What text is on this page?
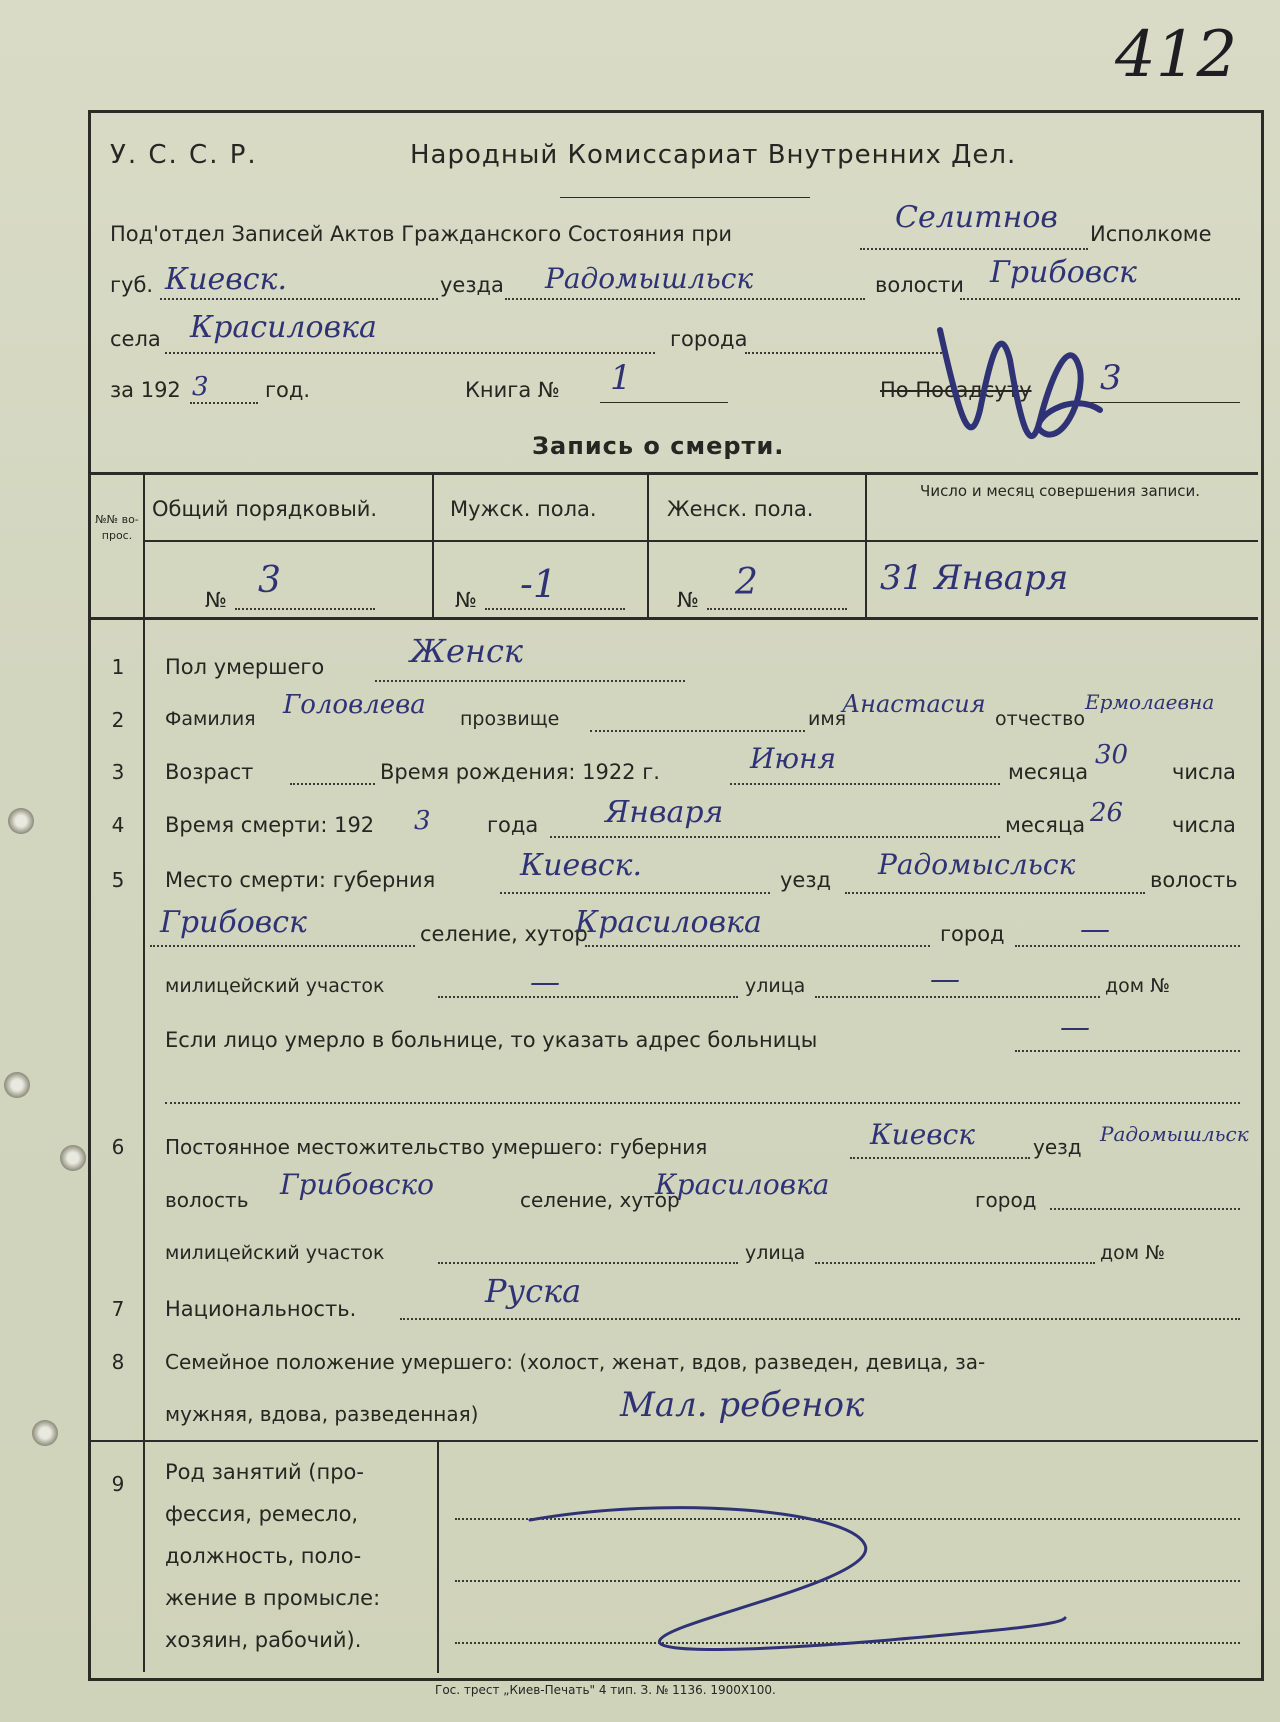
412
У. С. С. Р.	Народный Комиссариат Внутренних Дел.
Под'отдел Записей Актов Гражданского Состояния при	Селитнов Исполкоме
губ. Киевск.	уезда Радомышльск	волости Грибовск
села Красиловка	города
за 192 3	год.	Книга № 1	По Посадсуту 3
Запись о смерти.
№№ во-прос.
Общий порядковый.	Мужск. пола.	Женск. пола.
Число и месяц совершения записи.
№ 3	№ -1	№ 2	31 Января
1	Пол умершего	Женск
2	Фамилия Головлева прозвище	имя
Анастасия
отчество
Ермолаевна
3	Возраст	Время рождения: 1922 г.	Июня	месяца
30
числа
4	Время смерти: 192 3	года Января	месяца 26 числа
5	Место смерти: губерния	Киевск.	уезд Радомысльск	волость
Грибовск	селение, хутор
Красиловка	город	—
милицейский участок	—	улица	—	дом №
Если лицо умерло в больнице, то указать адрес больницы	—
6	Постоянное местожительство умершего: губерния	Киевск	уезд
Радомышльск
волость Грибовско	селение, хутор
Красиловка	город
милицейский участок	улица	дом №
7	Национальность.	Руска
8	Семейное положение умершего: (холост, женат, вдов, разведен, девица, за-
мужняя, вдова, разведенная)	Мал. ребенок
9	Род занятий (про-
фессия, ремесло,
должность, поло-
жение в промысле:
хозяин, рабочий).
Гос. трест „Киев-Печать" 4 тип. З. № 1136. 1900Х100.
